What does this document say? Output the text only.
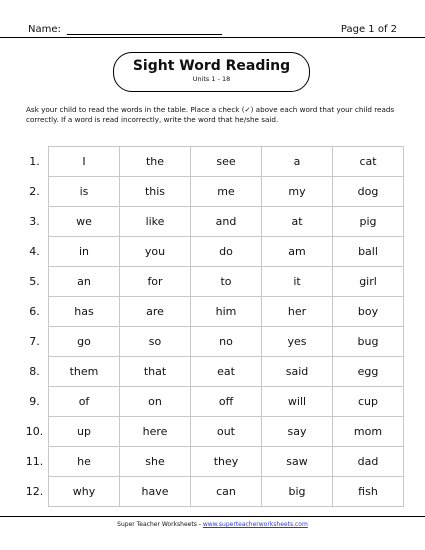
Name:	Page 1 of 2
Sight Word Reading
Units 1 - 18
Ask your child to read the words in the table. Place a check (✓) above each word that your child reads correctly. If a word is read incorrectly, write the word that he/she said.
1.	I	the	see	a	cat
2.	is	this	me	my	dog
3.	we	like	and	at	pig
4.	in	you	do	am	ball
5.	an	for	to	it	girl
6.	has	are	him	her	boy
7.	go	so	no	yes	bug
8.	them	that	eat	said	egg
9.	of	on	off	will	cup
10.	up	here	out	say	mom
11.	he	she	they	saw	dad
12.	why	have	can	big	fish
Super Teacher Worksheets - www.superteacherworksheets.com
